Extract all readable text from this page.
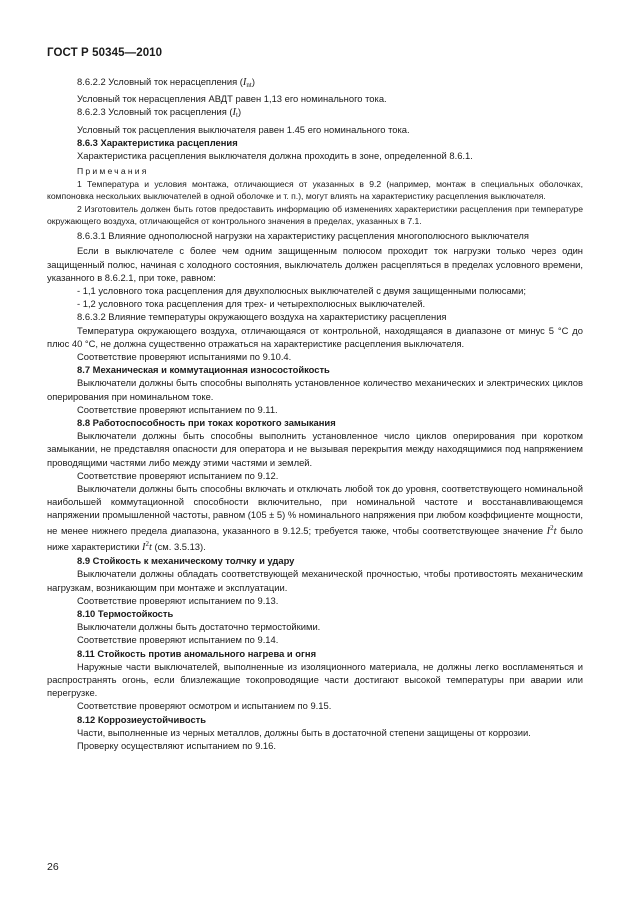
ГОСТ Р 50345—2010

8.6.2.2 Условный ток нерасцепления $(I_{nt})$

Условный ток нерасцепления АВДТ равен 1,13 его номинального тока.

8.6.2.3 Условный ток расцепления $(I_t)$

Условный ток расцепления выключателя равен 1.45 его номинального тока.

8.6.3 Характеристика расцепления

Характеристика расцепления выключателя должна проходить в зоне, определенной 8.6.1.

Примечания

1 Температура и условия монтажа, отличающиеся от указанных в 9.2 (например, монтаж в специальных оболочках, компоновка нескольких выключателей в одной оболочке и т. п.), могут влиять на характеристику расцепления выключателя.

2 Изготовитель должен быть готов предоставить информацию об изменениях характеристики расцепления при температуре окружающего воздуха, отличающейся от контрольного значения в пределах, указанных в 7.1.

8.6.3.1 Влияние однополюсной нагрузки на характеристику расцепления многополюсного выключателя

Если в выключателе с более чем одним защищенным полюсом проходит ток нагрузки только через один защищенный полюс, начиная с холодного состояния, выключатель должен расцепляться в пределах условного времени, указанного в 8.6.2.1, при токе, равном:

- 1,1 условного тока расцепления для двухполюсных выключателей с двумя защищенными полюсами;

- 1,2 условного тока расцепления для трех- и четырехполюсных выключателей.

8.6.3.2 Влияние температуры окружающего воздуха на характеристику расцепления

Температура окружающего воздуха, отличающаяся от контрольной, находящаяся в диапазоне от минус 5 °С до плюс 40 °С, не должна существенно отражаться на характеристике расцепления выключателя.

Соответствие проверяют испытаниями по 9.10.4.

8.7 Механическая и коммутационная износостойкость

Выключатели должны быть способны выполнять установленное количество механических и электрических циклов оперирования при номинальном токе.

Соответствие проверяют испытанием по 9.11.

8.8 Работоспособность при токах короткого замыкания

Выключатели должны быть способны выполнить установленное число циклов оперирования при коротком замыкании, не представляя опасности для оператора и не вызывая перекрытия между находящимися под напряжением проводящими частями либо между этими частями и землей.

Соответствие проверяют испытанием по 9.12.

Выключатели должны быть способны включать и отключать любой ток до уровня, соответствующего номинальной наибольшей коммутационной способности включительно, при номинальной частоте и восстанавливающемся напряжении промышленной частоты, равном (105 ± 5) % номинального напряжения при любом коэффициенте мощности, не менее нижнего предела диапазона, указанного в 9.12.5; требуется также, чтобы соответствующее значение $I^2t$ было ниже характеристики $I^2t$ (см. 3.5.13).

8.9 Стойкость к механическому толчку и удару

Выключатели должны обладать соответствующей механической прочностью, чтобы противостоять механическим нагрузкам, возникающим при монтаже и эксплуатации.

Соответствие проверяют испытанием по 9.13.

8.10 Термостойкость

Выключатели должны быть достаточно термостойкими.

Соответствие проверяют испытанием по 9.14.

8.11 Стойкость против аномального нагрева и огня

Наружные части выключателей, выполненные из изоляционного материала, не должны легко воспламеняться и распространять огонь, если близлежащие токопроводящие части достигают высокой температуры при аварии или перегрузке.

Соответствие проверяют осмотром и испытанием по 9.15.

8.12 Коррозиеустойчивость

Части, выполненные из черных металлов, должны быть в достаточной степени защищены от коррозии.

Проверку осуществляют испытанием по 9.16.

26
